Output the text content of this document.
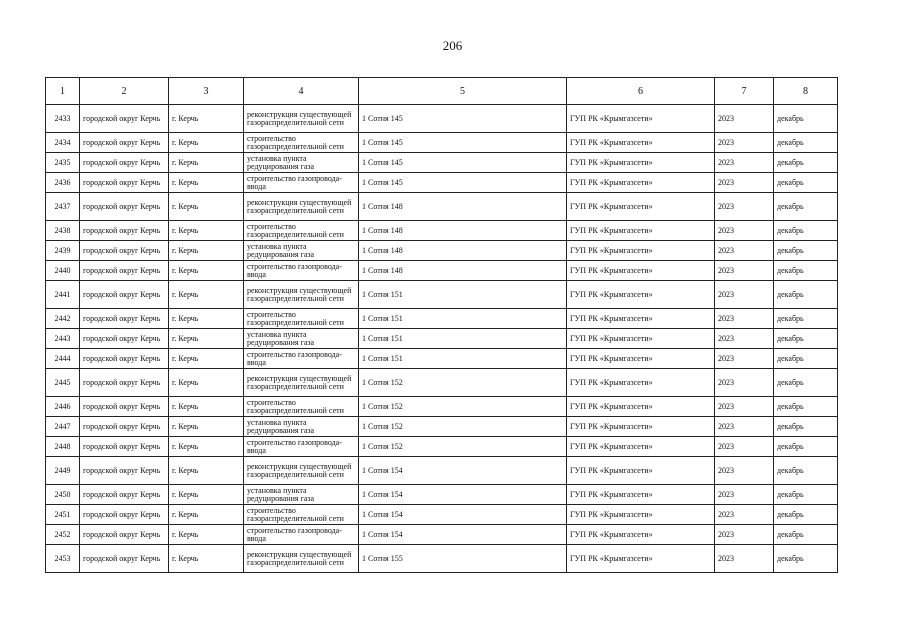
206
1	2	3	4	5	6	7	8
2433	городской округ Керчь	г. Керчь	реконструкция существующей газораспределительной сети	1 Сотня 145	ГУП РК «Крымгазсети»	2023	декабрь
2434	городской округ Керчь	г. Керчь	строительство газораспределительной сети	1 Сотня 145	ГУП РК «Крымгазсети»	2023	декабрь
2435	городской округ Керчь	г. Керчь	установка пункта редуцирования газа	1 Сотня 145	ГУП РК «Крымгазсети»	2023	декабрь
2436	городской округ Керчь	г. Керчь	строительство газопровода-ввода	1 Сотня 145	ГУП РК «Крымгазсети»	2023	декабрь
2437	городской округ Керчь	г. Керчь	реконструкция существующей газораспределительной сети	1 Сотня 148	ГУП РК «Крымгазсети»	2023	декабрь
2438	городской округ Керчь	г. Керчь	строительство газораспределительной сети	1 Сотня 148	ГУП РК «Крымгазсети»	2023	декабрь
2439	городской округ Керчь	г. Керчь	установка пункта редуцирования газа	1 Сотня 148	ГУП РК «Крымгазсети»	2023	декабрь
2440	городской округ Керчь	г. Керчь	строительство газопровода-ввода	1 Сотня 148	ГУП РК «Крымгазсети»	2023	декабрь
2441	городской округ Керчь	г. Керчь	реконструкция существующей газораспределительной сети	1 Сотня 151	ГУП РК «Крымгазсети»	2023	декабрь
2442	городской округ Керчь	г. Керчь	строительство газораспределительной сети	1 Сотня 151	ГУП РК «Крымгазсети»	2023	декабрь
2443	городской округ Керчь	г. Керчь	установка пункта редуцирования газа	1 Сотня 151	ГУП РК «Крымгазсети»	2023	декабрь
2444	городской округ Керчь	г. Керчь	строительство газопровода-ввода	1 Сотня 151	ГУП РК «Крымгазсети»	2023	декабрь
2445	городской округ Керчь	г. Керчь	реконструкция существующей газораспределительной сети	1 Сотня 152	ГУП РК «Крымгазсети»	2023	декабрь
2446	городской округ Керчь	г. Керчь	строительство газораспределительной сети	1 Сотня 152	ГУП РК «Крымгазсети»	2023	декабрь
2447	городской округ Керчь	г. Керчь	установка пункта редуцирования газа	1 Сотня 152	ГУП РК «Крымгазсети»	2023	декабрь
2448	городской округ Керчь	г. Керчь	строительство газопровода-ввода	1 Сотня 152	ГУП РК «Крымгазсети»	2023	декабрь
2449	городской округ Керчь	г. Керчь	реконструкция существующей газораспределительной сети	1 Сотня 154	ГУП РК «Крымгазсети»	2023	декабрь
2450	городской округ Керчь	г. Керчь	установка пункта редуцирования газа	1 Сотня 154	ГУП РК «Крымгазсети»	2023	декабрь
2451	городской округ Керчь	г. Керчь	строительство газораспределительной сети	1 Сотня 154	ГУП РК «Крымгазсети»	2023	декабрь
2452	городской округ Керчь	г. Керчь	строительство газопровода-ввода	1 Сотня 154	ГУП РК «Крымгазсети»	2023	декабрь
2453	городской округ Керчь	г. Керчь	реконструкция существующей газораспределительной сети	1 Сотня 155	ГУП РК «Крымгазсети»	2023	декабрь
